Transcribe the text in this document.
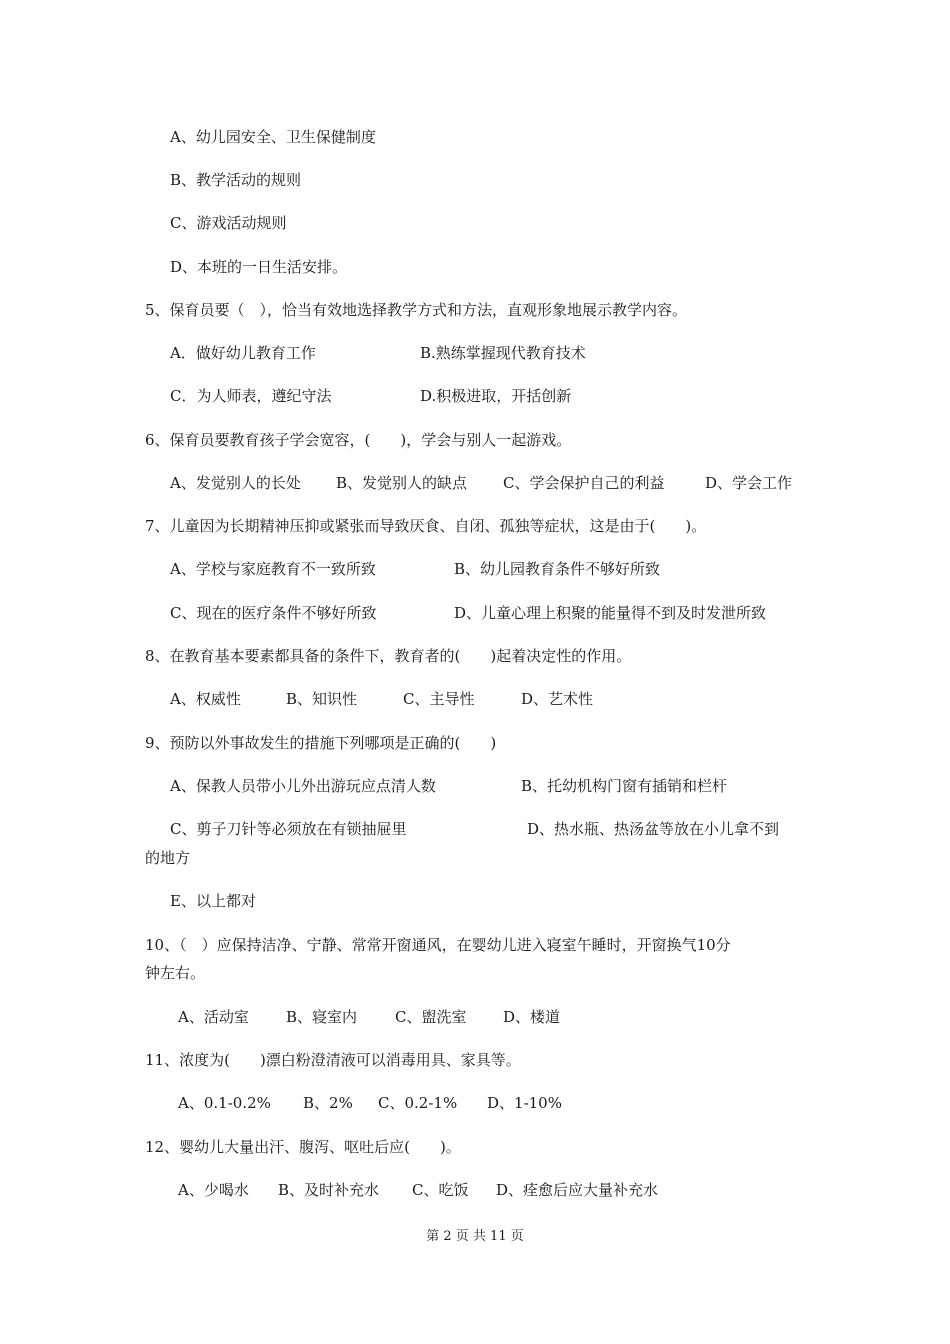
A、幼儿园安全、卫生保健制度
B、教学活动的规则
C、游戏活动规则
D、本班的一日生活安排。
5、保育员要（　），恰当有效地选择教学方式和方法，直观形象地展示教学内容。
A．做好幼儿教育工作	B.熟练掌握现代教育技术
C．为人师表，遵纪守法	D.积极进取，开括创新
6、保育员要教育孩子学会宽容，(　　)，学会与别人一起游戏。
A、发觉别人的长处 B、发觉别人的缺点 C、学会保护自己的利益	D、学会工作
7、儿童因为长期精神压抑或紧张而导致厌食、自闭、孤独等症状，这是由于(　　)。
A、学校与家庭教育不一致所致	B、幼儿园教育条件不够好所致
C、现在的医疗条件不够好所致	D、儿童心理上积聚的能量得不到及时发泄所致
8、在教育基本要素都具备的条件下，教育者的(　　)起着决定性的作用。
A、权威性	B、知识性	C、主导性	D、艺术性
9、预防以外事故发生的措施下列哪项是正确的(　　)
A、保教人员带小儿外出游玩应点清人数	B、托幼机构门窗有插销和栏杆
C、剪子刀针等必须放在有锁抽屉里	D、热水瓶、热汤盆等放在小儿拿不到
的地方
E、以上都对
10、（　）应保持洁净、宁静、常常开窗通风，在婴幼儿进入寝室午睡时，开窗换气10分
钟左右。
A、活动室 B、寝室内	C、盥洗室 D、楼道
11、浓度为(　　)漂白粉澄清液可以消毒用具、家具等。
A、0.1-0.2% B、2% C、0.2-1% D、1-10%
12、婴幼儿大量出汗、腹泻、呕吐后应(　　)。
A、少喝水 B、及时补充水 C、吃饭 D、痊愈后应大量补充水
第 2 页 共 11 页
